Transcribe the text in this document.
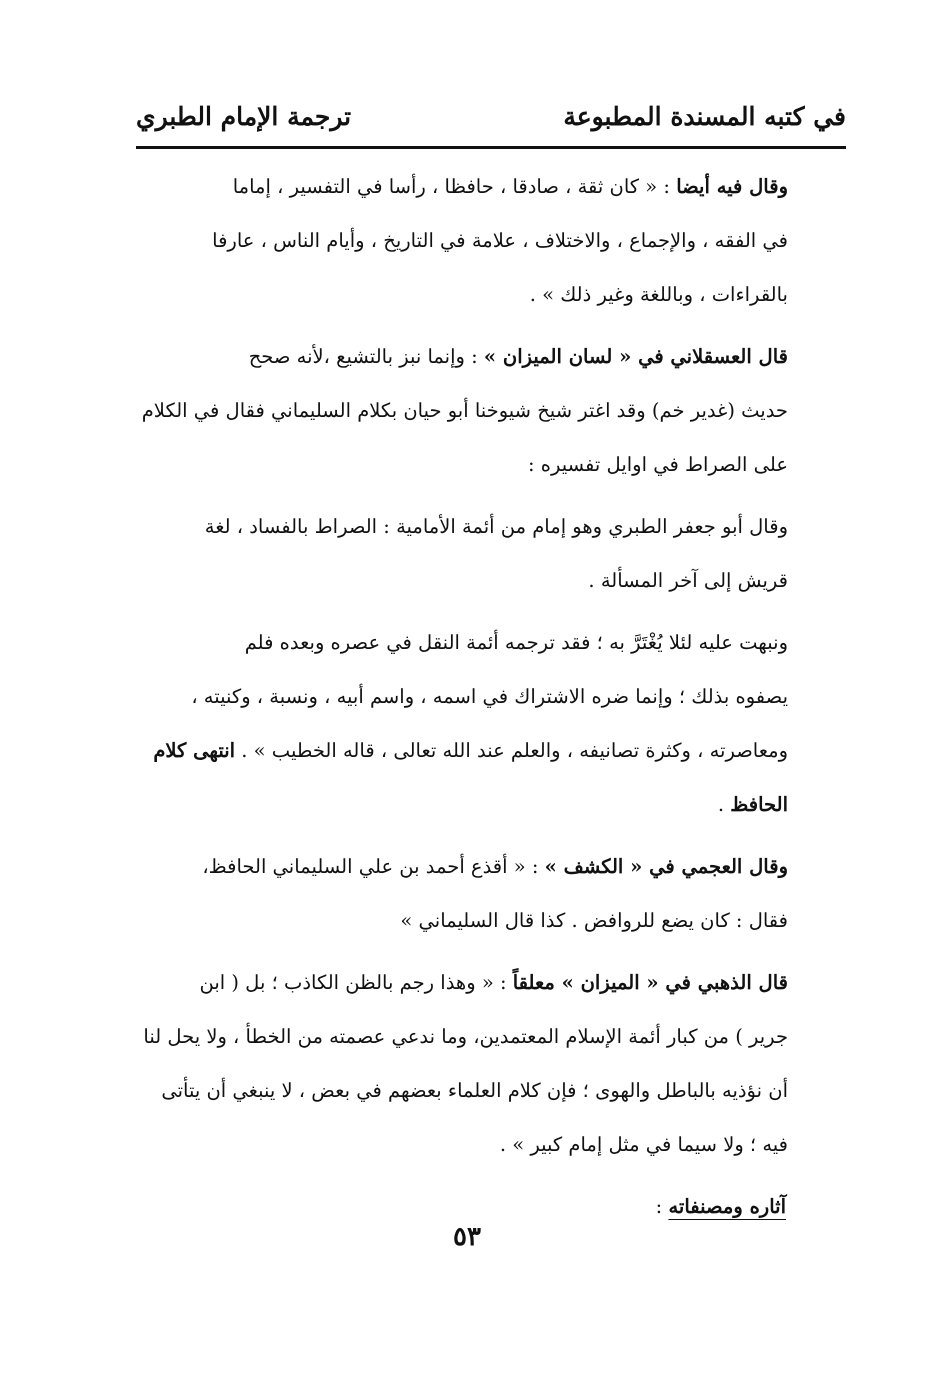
في كتبه المسندة المطبوعة
ترجمة الإمام الطبري
وقال فيه أيضا : « كان ثقة ، صادقا ، حافظا ، رأسا في التفسير ، إماما
في الفقه ، والإجماع ، والاختلاف ، علامة في التاريخ ، وأيام الناس ، عارفا
بالقراءات ، وباللغة وغير ذلك » .
قال العسقلاني في « لسان الميزان » : وإنما نبز بالتشيع ،لأنه صحح
حديث (غدير خم) وقد اغتر شيخ شيوخنا أبو حيان بكلام السليماني فقال في الكلام
على الصراط في اوايل تفسيره :
وقال أبو جعفر الطبري وهو إمام من أئمة الأمامية : الصراط بالفساد ، لغة
قريش إلى آخر المسألة .
ونبهت عليه لئلا يُغْتَرَّ به ؛ فقد ترجمه أئمة النقل في عصره وبعده فلم
يصفوه بذلك ؛ وإنما ضره الاشتراك في اسمه ، واسم أبيه ، ونسبة ، وكنيته ،
ومعاصرته ، وكثرة تصانيفه ، والعلم عند الله تعالى ، قاله الخطيب » . انتهى كلام
الحافظ .
وقال العجمي في « الكشف » : « أقذع أحمد بن علي السليماني الحافظ،
فقال : كان يضع للروافض . كذا قال السليماني »
قال الذهبي في « الميزان » معلقاً : « وهذا رجم بالظن الكاذب ؛ بل ( ابن
جرير ) من كبار أئمة الإسلام المعتمدين، وما ندعي عصمته من الخطأ ، ولا يحل لنا
أن نؤذيه بالباطل والهوى ؛ فإن كلام العلماء بعضهم في بعض ، لا ينبغي أن يتأتى
فيه ؛ ولا سيما في مثل إمام كبير » .
آثاره ومصنفاته :
٥٣
